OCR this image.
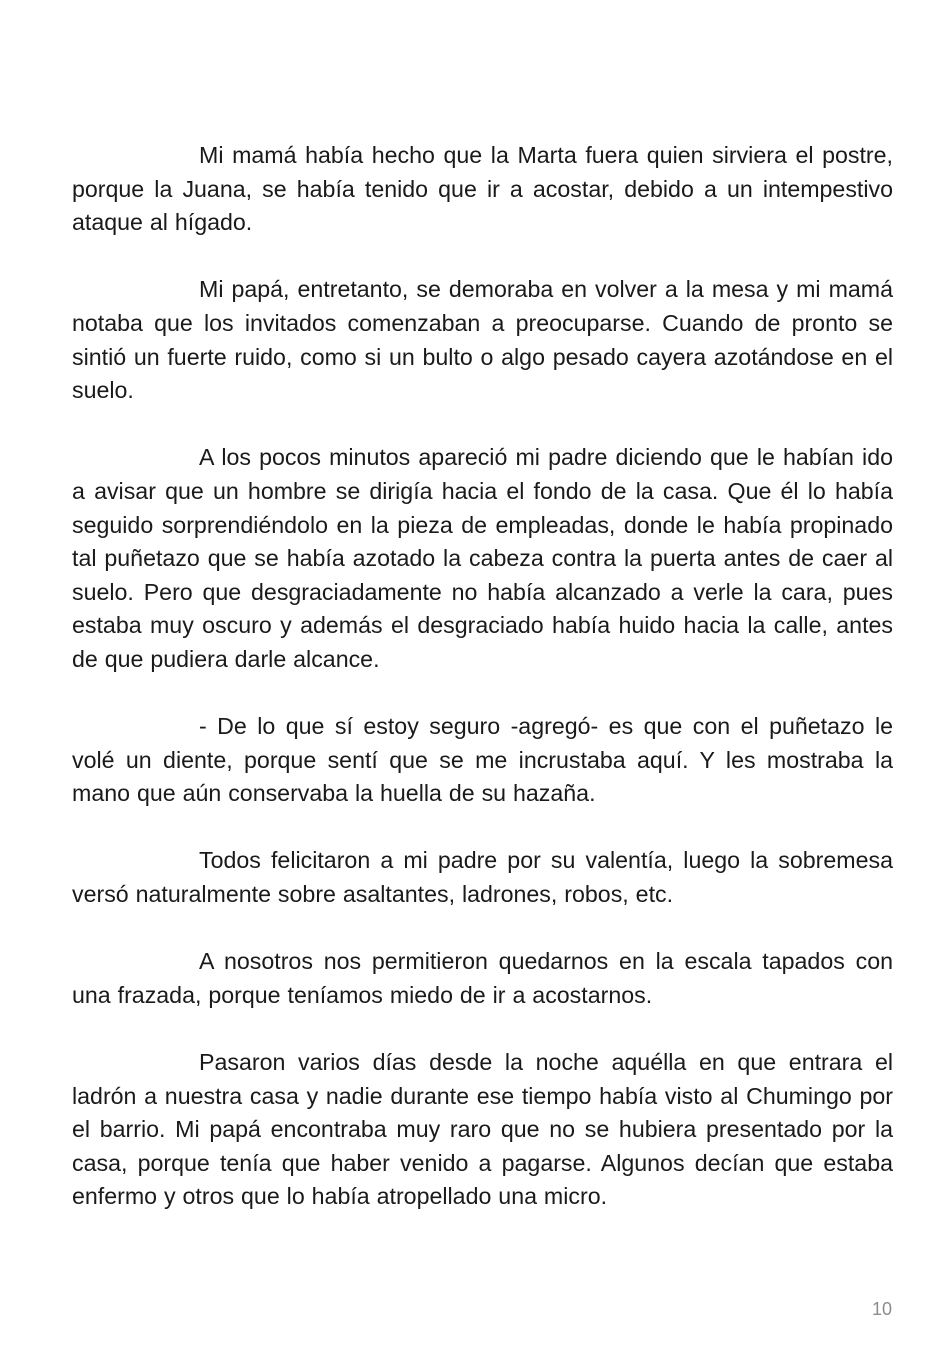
Mi mamá había hecho que la Marta fuera quien sirviera el postre, porque la Juana, se había tenido que ir a acostar, debido a un intempestivo ataque al hígado.

Mi papá, entretanto, se demoraba en volver a la mesa y mi mamá notaba que los invitados comenzaban a preocuparse. Cuando de pronto se sintió un fuerte ruido, como si un bulto o algo pesado cayera azotándose en el suelo.

A los pocos minutos apareció mi padre diciendo que le habían ido a avisar que un hombre se dirigía hacia el fondo de la casa. Que él lo había seguido sorprendiéndolo en la pieza de empleadas, donde le había propinado tal puñetazo que se había azotado la cabeza contra la puerta antes de caer al suelo. Pero que desgraciadamente no había alcanzado a verle la cara, pues estaba muy oscuro y además el desgraciado había huido hacia la calle, antes de que pudiera darle alcance.

- De lo que sí estoy seguro -agregó- es que con el puñetazo le volé un diente, porque sentí que se me incrustaba aquí. Y les mostraba la mano que aún conservaba la huella de su hazaña.

Todos felicitaron a mi padre por su valentía, luego la sobremesa versó naturalmente sobre asaltantes, ladrones, robos, etc.

A nosotros nos permitieron quedarnos en la escala tapados con una frazada, porque teníamos miedo de ir a acostarnos.

Pasaron varios días desde la noche aquélla en que entrara el ladrón a nuestra casa y nadie durante ese tiempo había visto al Chumingo por el barrio. Mi papá encontraba muy raro que no se hubiera presentado por la casa, porque tenía que haber venido a pagarse. Algunos decían que estaba enfermo y otros que lo había atropellado una micro.

10
